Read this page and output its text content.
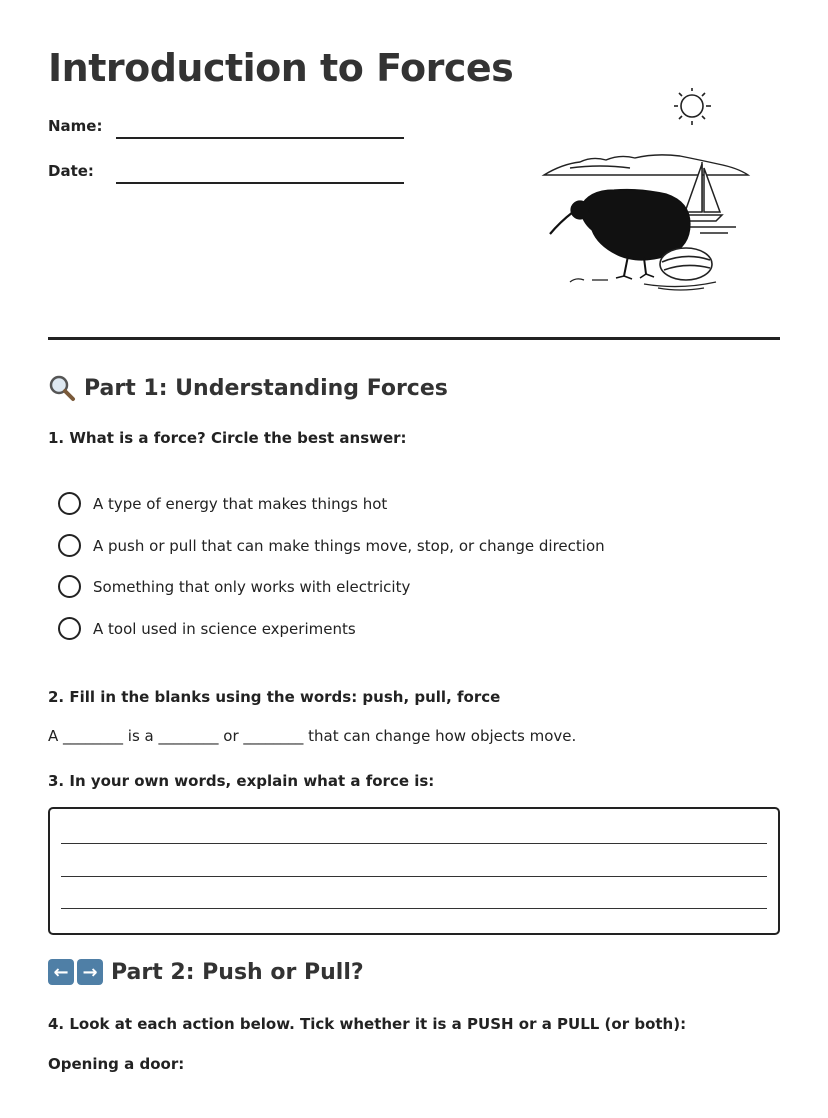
Introduction to Forces
Name:
Date:
Part 1: Understanding Forces

1. What is a force? Circle the best answer:

A type of energy that makes things hot
A push or pull that can make things move, stop, or change direction
Something that only works with electricity
A tool used in science experiments

2. Fill in the blanks using the words: push, pull, force

A ________ is a ________ or ________ that can change how objects move.

3. In your own words, explain what a force is:

← → Part 2: Push or Pull?

4. Look at each action below. Tick whether it is a PUSH or a PULL (or both):

Opening a door:
